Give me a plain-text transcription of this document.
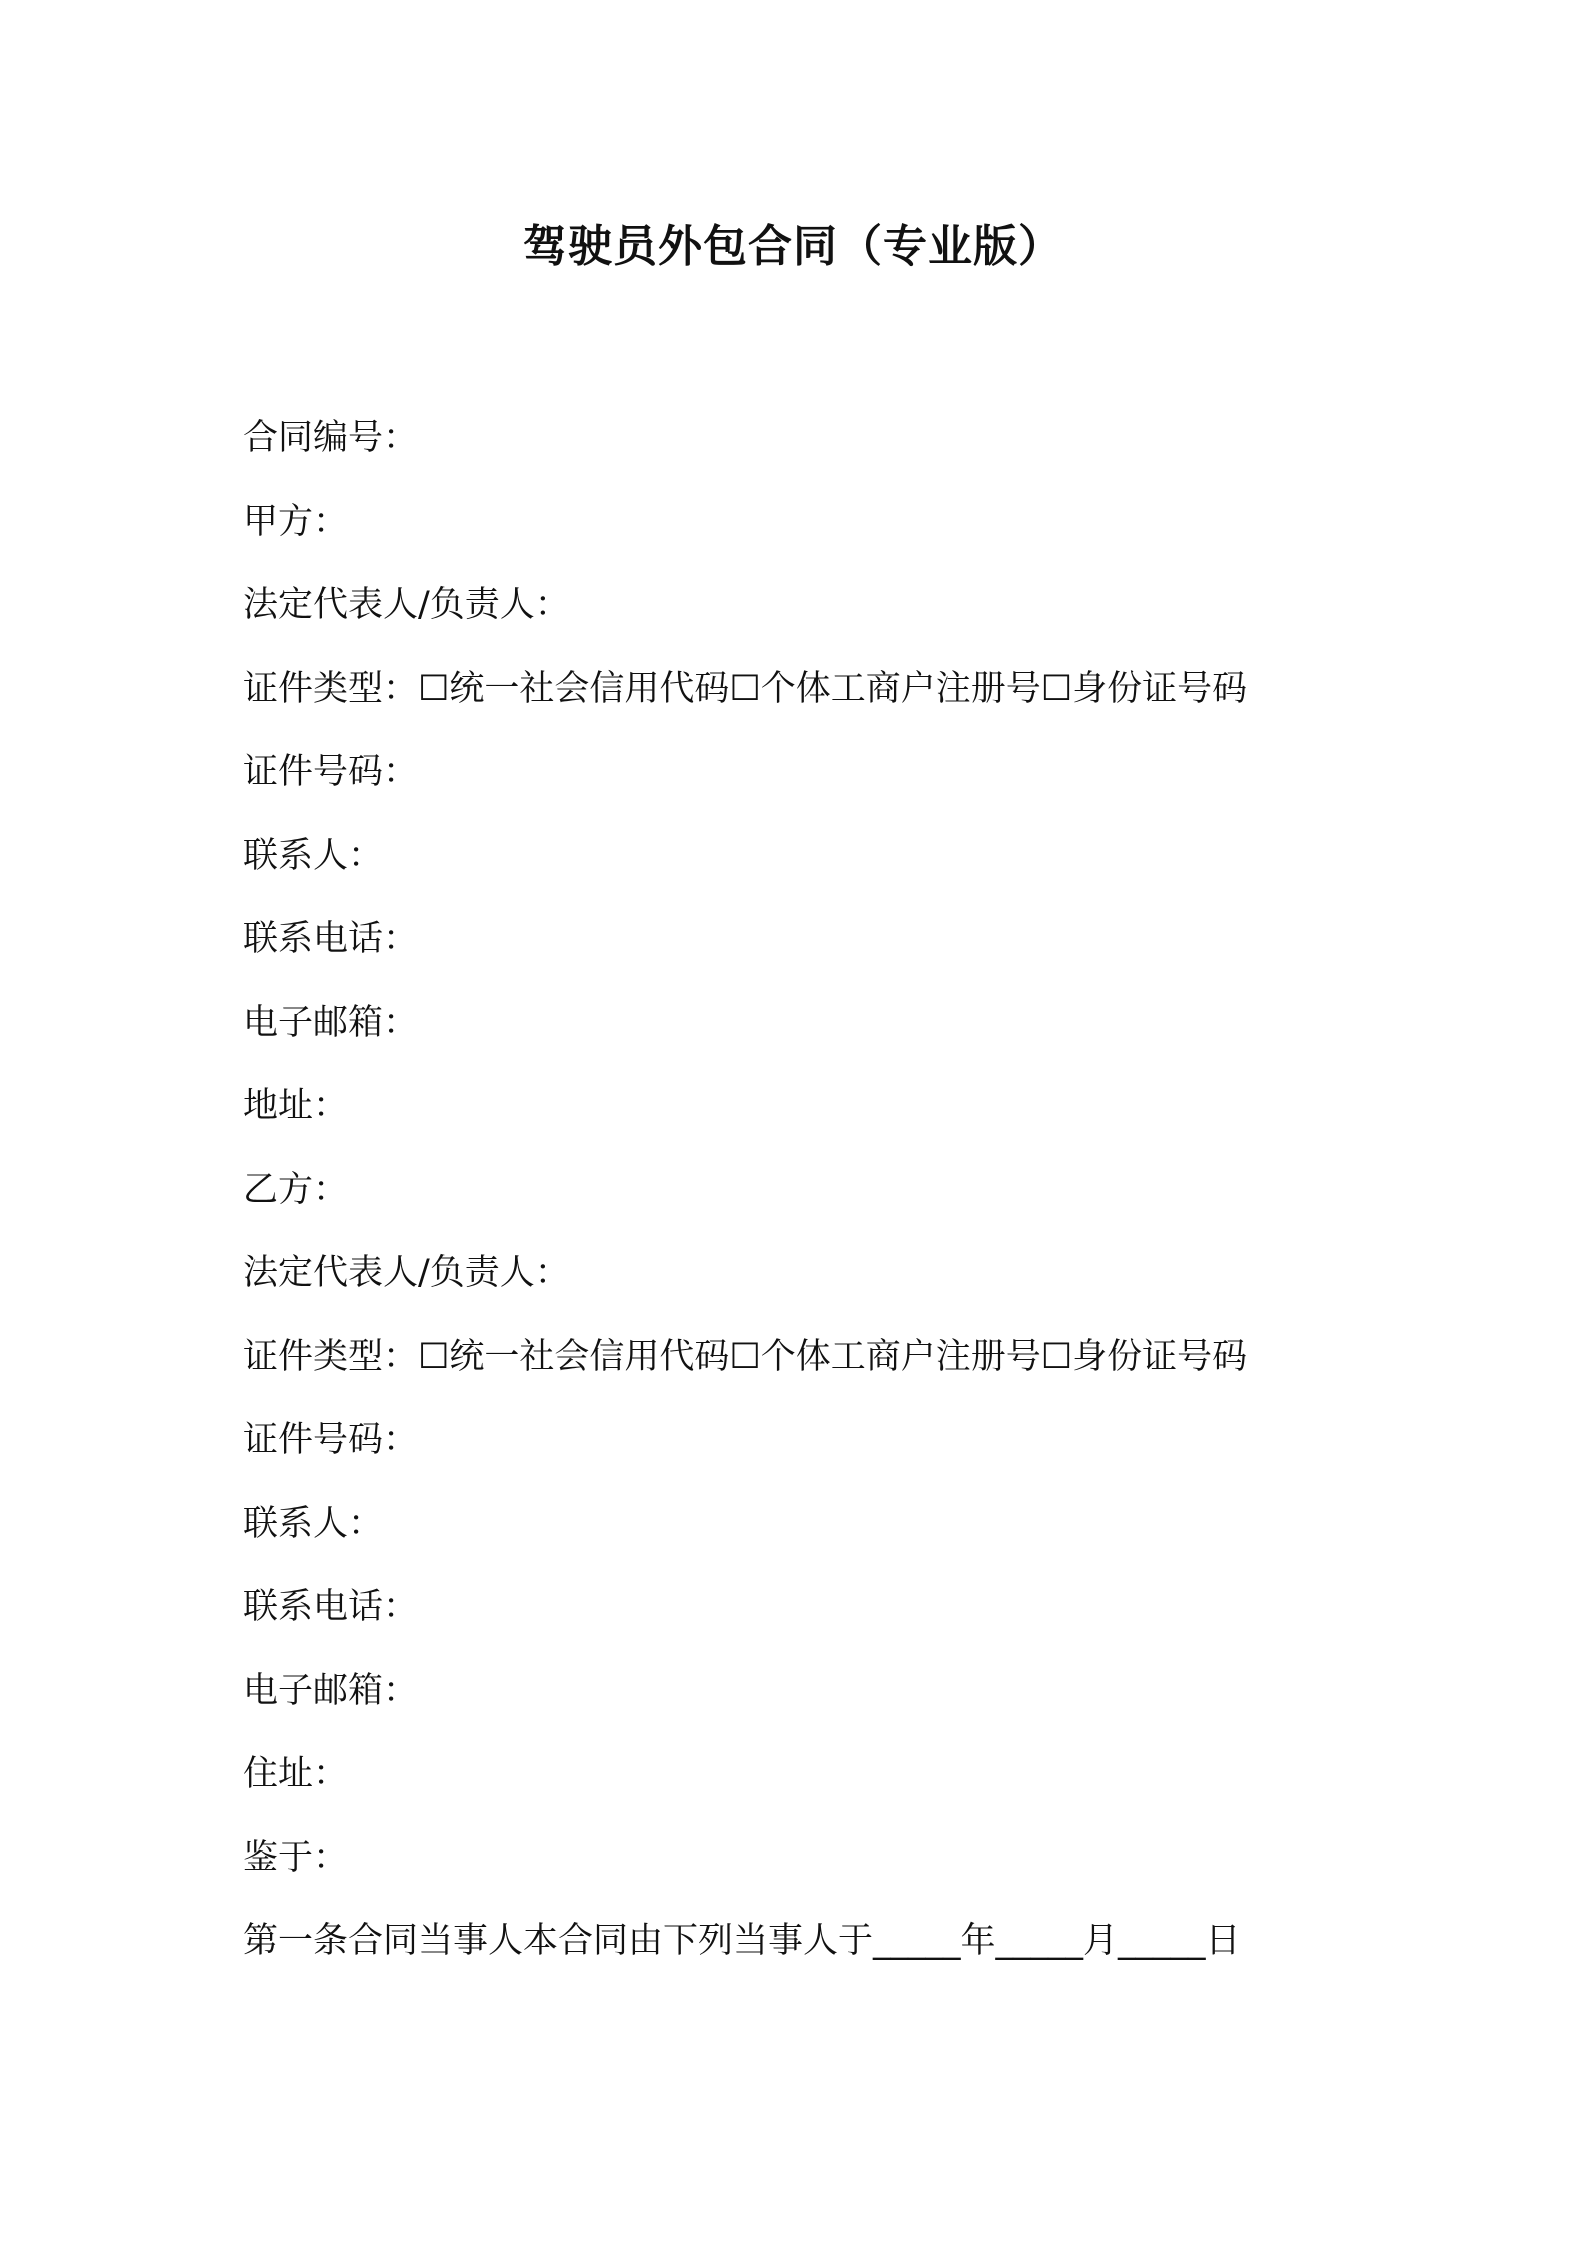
驾驶员外包合同（专业版）
合同编号：
甲方：
法定代表人/负责人：
证件类型：☐统一社会信用代码☐个体工商户注册号☐身份证号码
证件号码：
联系人：
联系电话：
电子邮箱：
地址：
乙方：
法定代表人/负责人：
证件类型：☐统一社会信用代码☐个体工商户注册号☐身份证号码
证件号码：
联系人：
联系电话：
电子邮箱：
住址：
鉴于：
第一条合同当事人本合同由下列当事人于_____年_____月_____日
